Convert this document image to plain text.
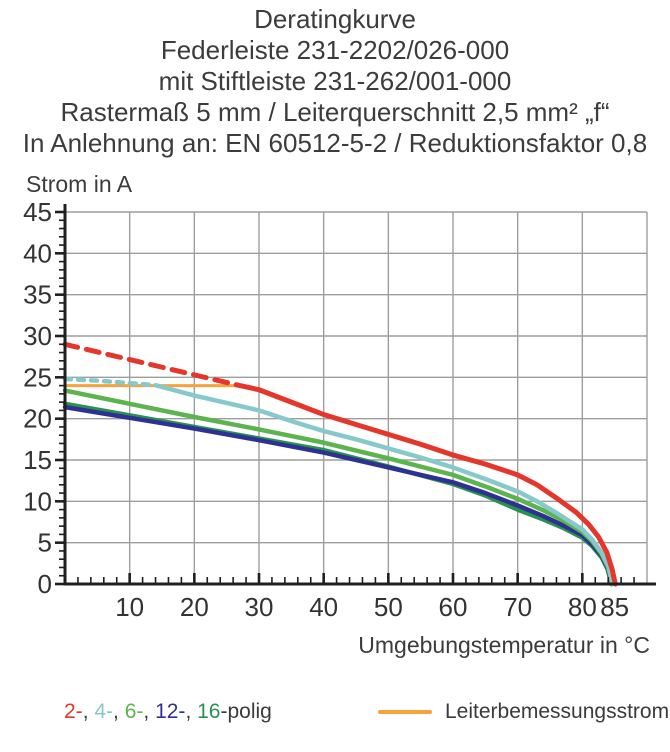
Deratingkurve
Federleiste 231-2202/026-000
mit Stiftleiste 231-262/001-000
Rastermaß 5 mm / Leiterquerschnitt 2,5 mm² „f“
In Anlehnung an: EN 60512-5-2 / Reduktionsfaktor 0,8
Strom in A
0
5
10
15
20
25
30
35
40
45
10 20 30 40 50 60 70 80 85
Umgebungstemperatur in °C
2-, 4-, 6-, 12-, 16-polig	Leiterbemessungsstrom
